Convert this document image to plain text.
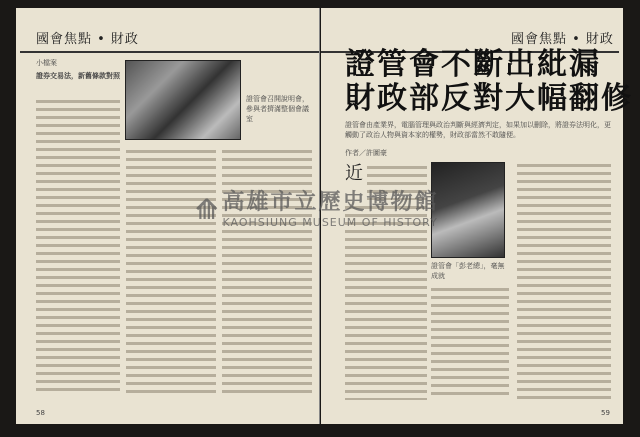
國會焦點 • 財政
小檔案
證券交易法，新舊條款對照
證管會召開說明會，參與者擠滿整個會議室
58
國會焦點 • 財政
證管會不斷出紕漏
財政部反對大幅翻修
證管會由產業界，電腦管理與政治判斷與經濟判定，如果加以刪除，將證券法明化，更觸動了政治人物與資本家的權勢，財政部當然不敢隨便。
作者／許圖豪
近
證管會「彭老總」，毫無成就
59
⟰ 高雄市立歷史博物館
KAOHSIUNG MUSEUM OF HISTORY
